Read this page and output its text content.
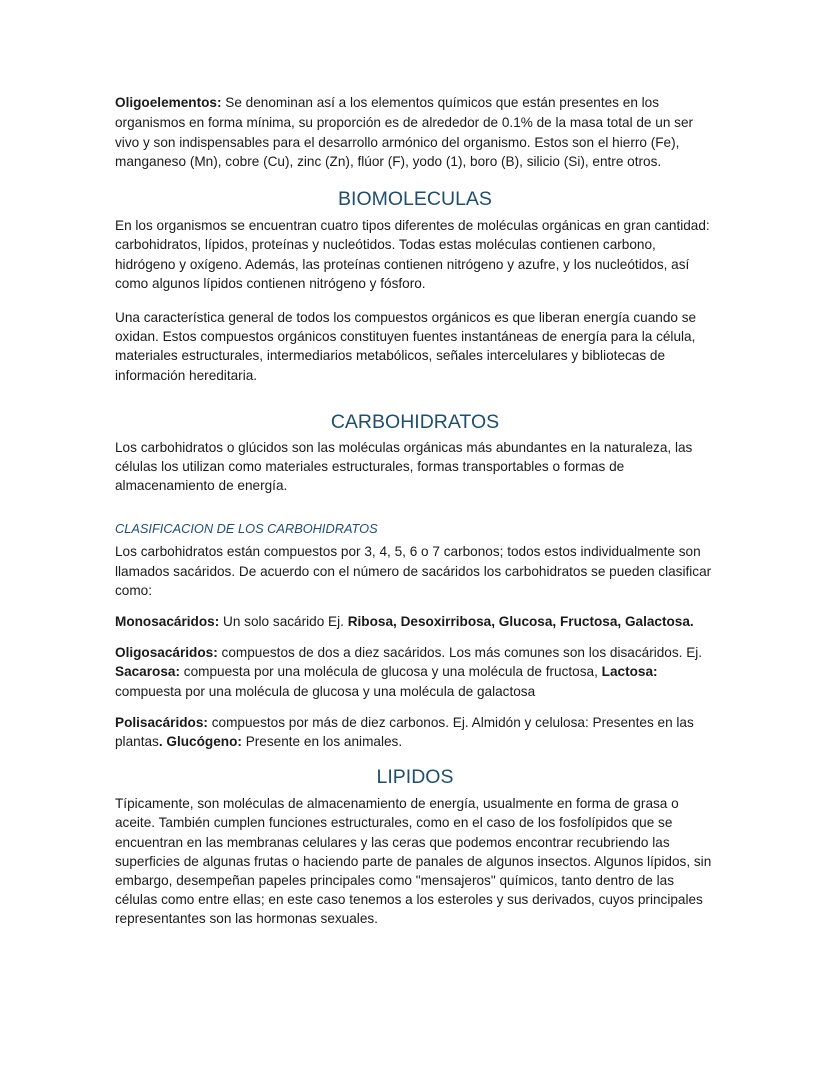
Oligoelementos: Se denominan así a los elementos químicos que están presentes en los organismos en forma mínima, su proporción es de alrededor de 0.1% de la masa total de un ser vivo y son indispensables para el desarrollo armónico del organismo. Estos son el hierro (Fe), manganeso (Mn), cobre (Cu), zinc (Zn), flúor (F), yodo (1), boro (B), silicio (Si), entre otros.

BIOMOLECULAS

En los organismos se encuentran cuatro tipos diferentes de moléculas orgánicas en gran cantidad: carbohidratos, lípidos, proteínas y nucleótidos. Todas estas moléculas contienen carbono, hidrógeno y oxígeno. Además, las proteínas contienen nitrógeno y azufre, y los nucleótidos, así como algunos lípidos contienen nitrógeno y fósforo.

Una característica general de todos los compuestos orgánicos es que liberan energía cuando se oxidan. Estos compuestos orgánicos constituyen fuentes instantáneas de energía para la célula, materiales estructurales, intermediarios metabólicos, señales intercelulares y bibliotecas de información hereditaria.

CARBOHIDRATOS

Los carbohidratos o glúcidos son las moléculas orgánicas más abundantes en la naturaleza, las células los utilizan como materiales estructurales, formas transportables o formas de almacenamiento de energía.

CLASIFICACION DE LOS CARBOHIDRATOS

Los carbohidratos están compuestos por 3, 4, 5, 6 o 7 carbonos; todos estos individualmente son llamados sacáridos. De acuerdo con el número de sacáridos los carbohidratos se pueden clasificar como:

Monosacáridos: Un solo sacárido Ej. Ribosa, Desoxirribosa, Glucosa, Fructosa, Galactosa.

Oligosacáridos: compuestos de dos a diez sacáridos. Los más comunes son los disacáridos. Ej. Sacarosa: compuesta por una molécula de glucosa y una molécula de fructosa, Lactosa: compuesta por una molécula de glucosa y una molécula de galactosa

Polisacáridos: compuestos por más de diez carbonos. Ej. Almidón y celulosa: Presentes en las plantas. Glucógeno: Presente en los animales.

LIPIDOS

Típicamente, son moléculas de almacenamiento de energía, usualmente en forma de grasa o aceite. También cumplen funciones estructurales, como en el caso de los fosfolípidos que se encuentran en las membranas celulares y las ceras que podemos encontrar recubriendo las superficies de algunas frutas o haciendo parte de panales de algunos insectos. Algunos lípidos, sin embargo, desempeñan papeles principales como "mensajeros" químicos, tanto dentro de las células como entre ellas; en este caso tenemos a los esteroles y sus derivados, cuyos principales representantes son las hormonas sexuales.
